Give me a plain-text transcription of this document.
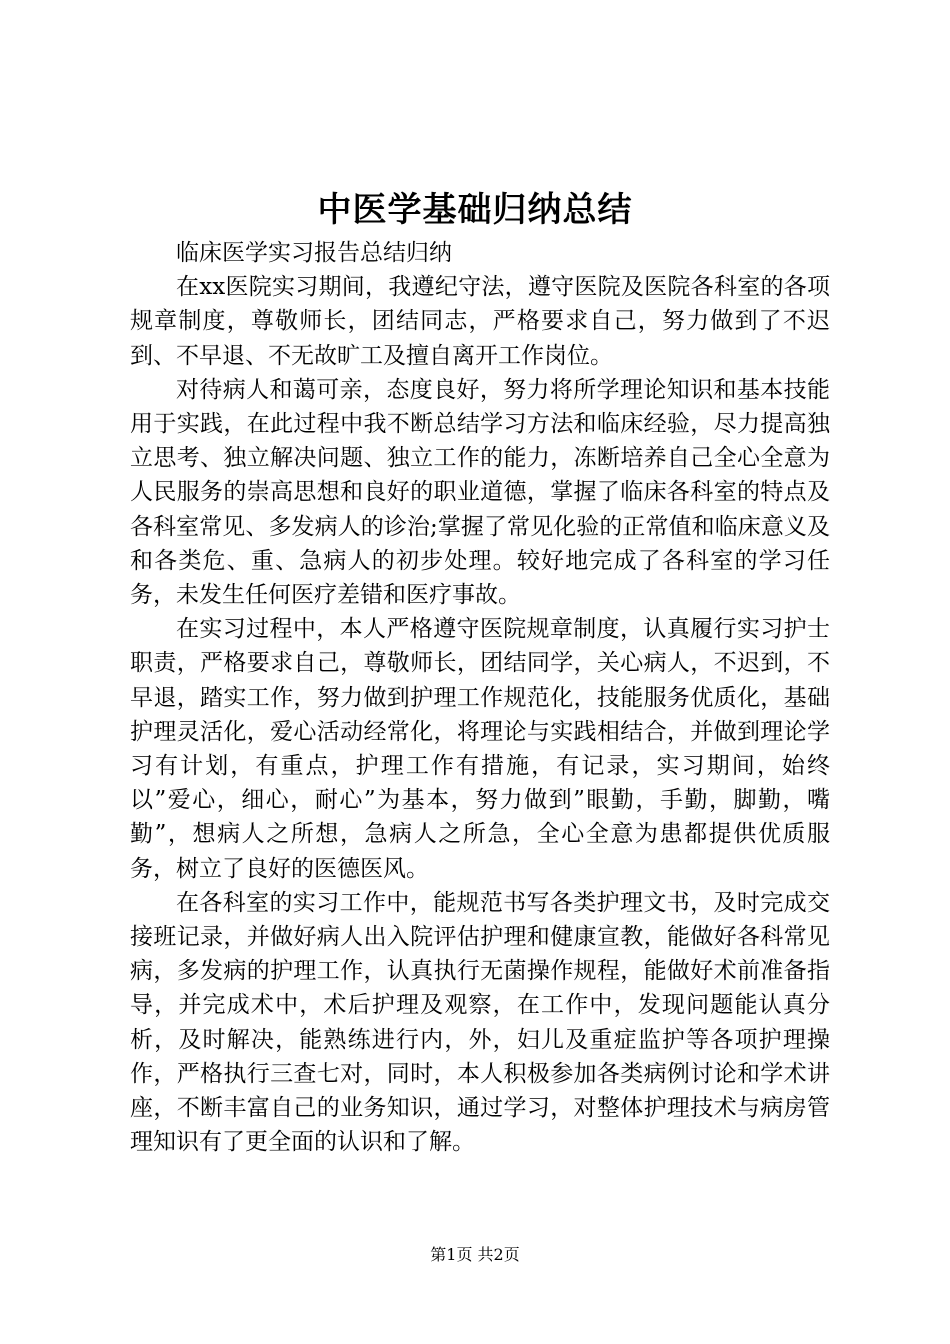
中医学基础归纳总结

临床医学实习报告总结归纳

在xx医院实习期间，我遵纪守法，遵守医院及医院各科室的各项规章制度，尊敬师长，团结同志，严格要求自己，努力做到了不迟到、不早退、不无故旷工及擅自离开工作岗位。

对待病人和蔼可亲，态度良好，努力将所学理论知识和基本技能用于实践，在此过程中我不断总结学习方法和临床经验，尽力提高独立思考、独立解决问题、独立工作的能力，冻断培养自己全心全意为人民服务的崇高思想和良好的职业道德，掌握了临床各科室的特点及各科室常见、多发病人的诊治;掌握了常见化验的正常值和临床意义及和各类危、重、急病人的初步处理。较好地完成了各科室的学习任务，未发生任何医疗差错和医疗事故。

在实习过程中，本人严格遵守医院规章制度，认真履行实习护士职责，严格要求自己，尊敬师长，团结同学，关心病人，不迟到，不早退，踏实工作，努力做到护理工作规范化，技能服务优质化，基础护理灵活化，爱心活动经常化，将理论与实践相结合，并做到理论学习有计划，有重点，护理工作有措施，有记录，实习期间，始终以”爱心，细心，耐心”为基本，努力做到”眼勤，手勤，脚勤，嘴勤”，想病人之所想，急病人之所急，全心全意为患都提供优质服务，树立了良好的医德医风。

在各科室的实习工作中，能规范书写各类护理文书，及时完成交接班记录，并做好病人出入院评估护理和健康宣教，能做好各科常见病，多发病的护理工作，认真执行无菌操作规程，能做好术前准备指导，并完成术中，术后护理及观察，在工作中，发现问题能认真分析，及时解决，能熟练进行内，外，妇儿及重症监护等各项护理操作，严格执行三查七对，同时，本人积极参加各类病例讨论和学术讲座，不断丰富自己的业务知识，通过学习，对整体护理技术与病房管理知识有了更全面的认识和了解。

第1页 共2页
